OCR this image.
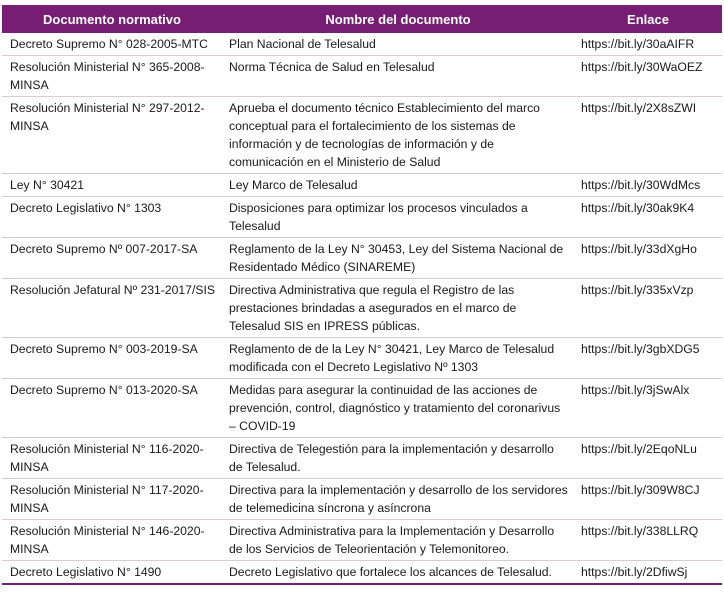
Documento normativo	Nombre del documento	Enlace
Decreto Supremo N° 028-2005-MTC	Plan Nacional de Telesalud	https://bit.ly/30aAIFR
Resolución Ministerial N° 365-2008-MINSA	Norma Técnica de Salud en Telesalud	https://bit.ly/30WaOEZ
Resolución Ministerial N° 297-2012-MINSA	Aprueba el documento técnico Establecimiento del marco conceptual para el fortalecimiento de los sistemas de información y de tecnologías de información y de comunicación en el Ministerio de Salud	https://bit.ly/2X8sZWI
Ley N° 30421	Ley Marco de Telesalud	https://bit.ly/30WdMcs
Decreto Legislativo N° 1303	Disposiciones para optimizar los procesos vinculados a Telesalud	https://bit.ly/30ak9K4
Decreto Supremo Nº 007-2017-SA	Reglamento de la Ley N° 30453, Ley del Sistema Nacional de Residentado Médico (SINAREME)	https://bit.ly/33dXgHo
Resolución Jefatural Nº 231-2017/SIS	Directiva Administrativa que regula el Registro de las prestaciones brindadas a asegurados en el marco de Telesalud SIS en IPRESS públicas.	https://bit.ly/335xVzp
Decreto Supremo N° 003-2019-SA	Reglamento de de la Ley N° 30421, Ley Marco de Telesalud modificada con el Decreto Legislativo Nº 1303	https://bit.ly/3gbXDG5
Decreto Supremo N° 013-2020-SA	Medidas para asegurar la continuidad de las acciones de prevención, control, diagnóstico y tratamiento del coronarivus – COVID-19	https://bit.ly/3jSwAlx
Resolución Ministerial N° 116-2020-MINSA	Directiva de Telegestión para la implementación y desarrollo de Telesalud.	https://bit.ly/2EqoNLu
Resolución Ministerial N° 117-2020-MINSA	Directiva para la implementación y desarrollo de los servidores de telemedicina síncrona y asíncrona	https://bit.ly/309W8CJ
Resolución Ministerial N° 146-2020-MINSA	Directiva Administrativa para la Implementación y Desarrollo de los Servicios de Teleorientación y Telemonitoreo.	https://bit.ly/338LLRQ
Decreto Legislativo N° 1490	Decreto Legislativo que fortalece los alcances de Telesalud.	https://bit.ly/2DfiwSj
